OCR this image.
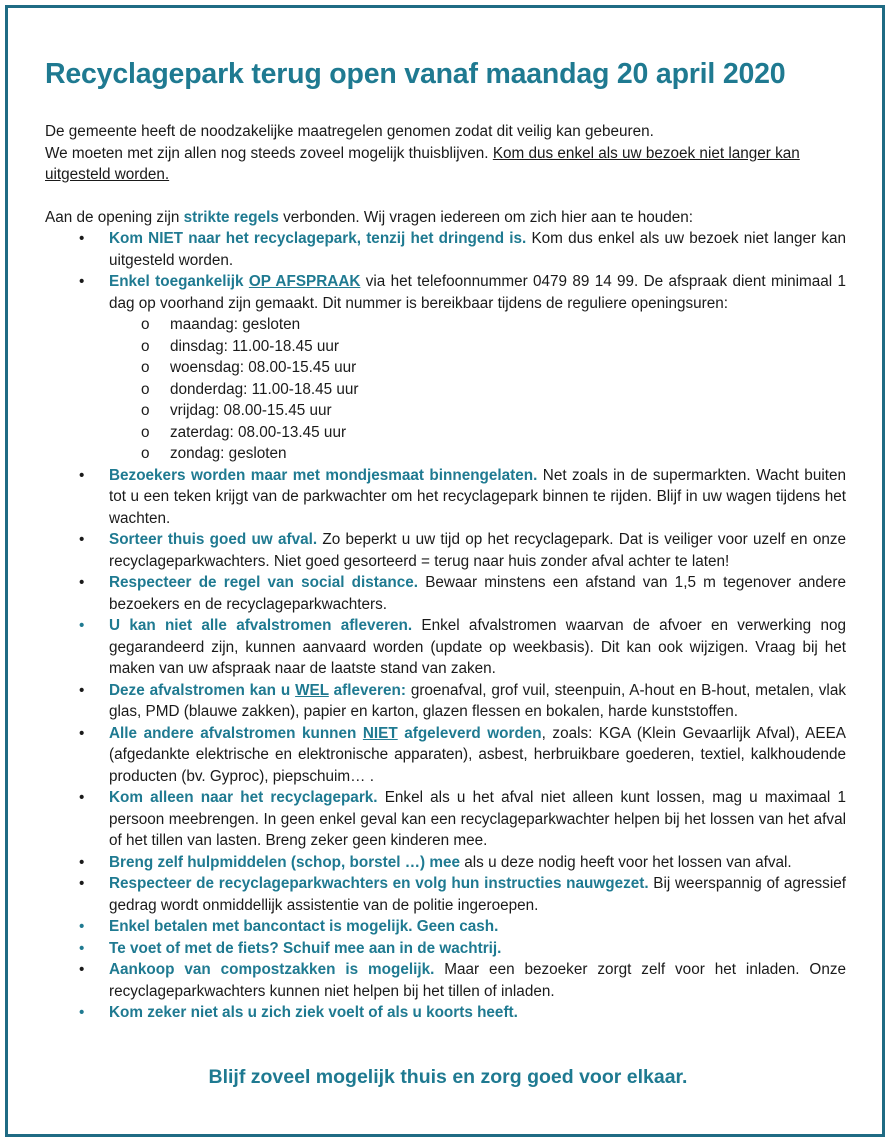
Recyclagepark terug open vanaf maandag 20 april 2020

De gemeente heeft de noodzakelijke maatregelen genomen zodat dit veilig kan gebeuren.

We moeten met zijn allen nog steeds zoveel mogelijk thuisblijven. Kom dus enkel als uw bezoek niet langer kan uitgesteld worden.

Aan de opening zijn strikte regels verbonden. Wij vragen iedereen om zich hier aan te houden:

• Kom NIET naar het recyclagepark, tenzij het dringend is. Kom dus enkel als uw bezoek niet langer kan uitgesteld worden.
• Enkel toegankelijk OP AFSPRAAK via het telefoonnummer 0479 89 14 99. De afspraak dient minimaal 1 dag op voorhand zijn gemaakt. Dit nummer is bereikbaar tijdens de reguliere openingsuren:
o maandag: gesloten
o dinsdag: 11.00-18.45 uur
o woensdag: 08.00-15.45 uur
o donderdag: 11.00-18.45 uur
o vrijdag: 08.00-15.45 uur
o zaterdag: 08.00-13.45 uur
o zondag: gesloten
• Bezoekers worden maar met mondjesmaat binnengelaten. Net zoals in de supermarkten. Wacht buiten tot u een teken krijgt van de parkwachter om het recyclagepark binnen te rijden. Blijf in uw wagen tijdens het wachten.
• Sorteer thuis goed uw afval. Zo beperkt u uw tijd op het recyclagepark. Dat is veiliger voor uzelf en onze recyclageparkwachters. Niet goed gesorteerd = terug naar huis zonder afval achter te laten!
• Respecteer de regel van social distance. Bewaar minstens een afstand van 1,5 m tegenover andere bezoekers en de recyclageparkwachters.
• U kan niet alle afvalstromen afleveren. Enkel afvalstromen waarvan de afvoer en verwerking nog gegarandeerd zijn, kunnen aanvaard worden (update op weekbasis). Dit kan ook wijzigen. Vraag bij het maken van uw afspraak naar de laatste stand van zaken.
• Deze afvalstromen kan u WEL afleveren: groenafval, grof vuil, steenpuin, A-hout en B-hout, metalen, vlak glas, PMD (blauwe zakken), papier en karton, glazen flessen en bokalen, harde kunststoffen.
• Alle andere afvalstromen kunnen NIET afgeleverd worden, zoals: KGA (Klein Gevaarlijk Afval), AEEA (afgedankte elektrische en elektronische apparaten), asbest, herbruikbare goederen, textiel, kalkhoudende producten (bv. Gyproc), piepschuim… .
• Kom alleen naar het recyclagepark. Enkel als u het afval niet alleen kunt lossen, mag u maximaal 1 persoon meebrengen. In geen enkel geval kan een recyclageparkwachter helpen bij het lossen van het afval of het tillen van lasten. Breng zeker geen kinderen mee.
• Breng zelf hulpmiddelen (schop, borstel …) mee als u deze nodig heeft voor het lossen van afval.
• Respecteer de recyclageparkwachters en volg hun instructies nauwgezet. Bij weerspannig of agressief gedrag wordt onmiddellijk assistentie van de politie ingeroepen.
• Enkel betalen met bancontact is mogelijk. Geen cash.
• Te voet of met de fiets? Schuif mee aan in de wachtrij.
• Aankoop van compostzakken is mogelijk. Maar een bezoeker zorgt zelf voor het inladen. Onze recyclageparkwachters kunnen niet helpen bij het tillen of inladen.
• Kom zeker niet als u zich ziek voelt of als u koorts heeft.
Blijf zoveel mogelijk thuis en zorg goed voor elkaar.
